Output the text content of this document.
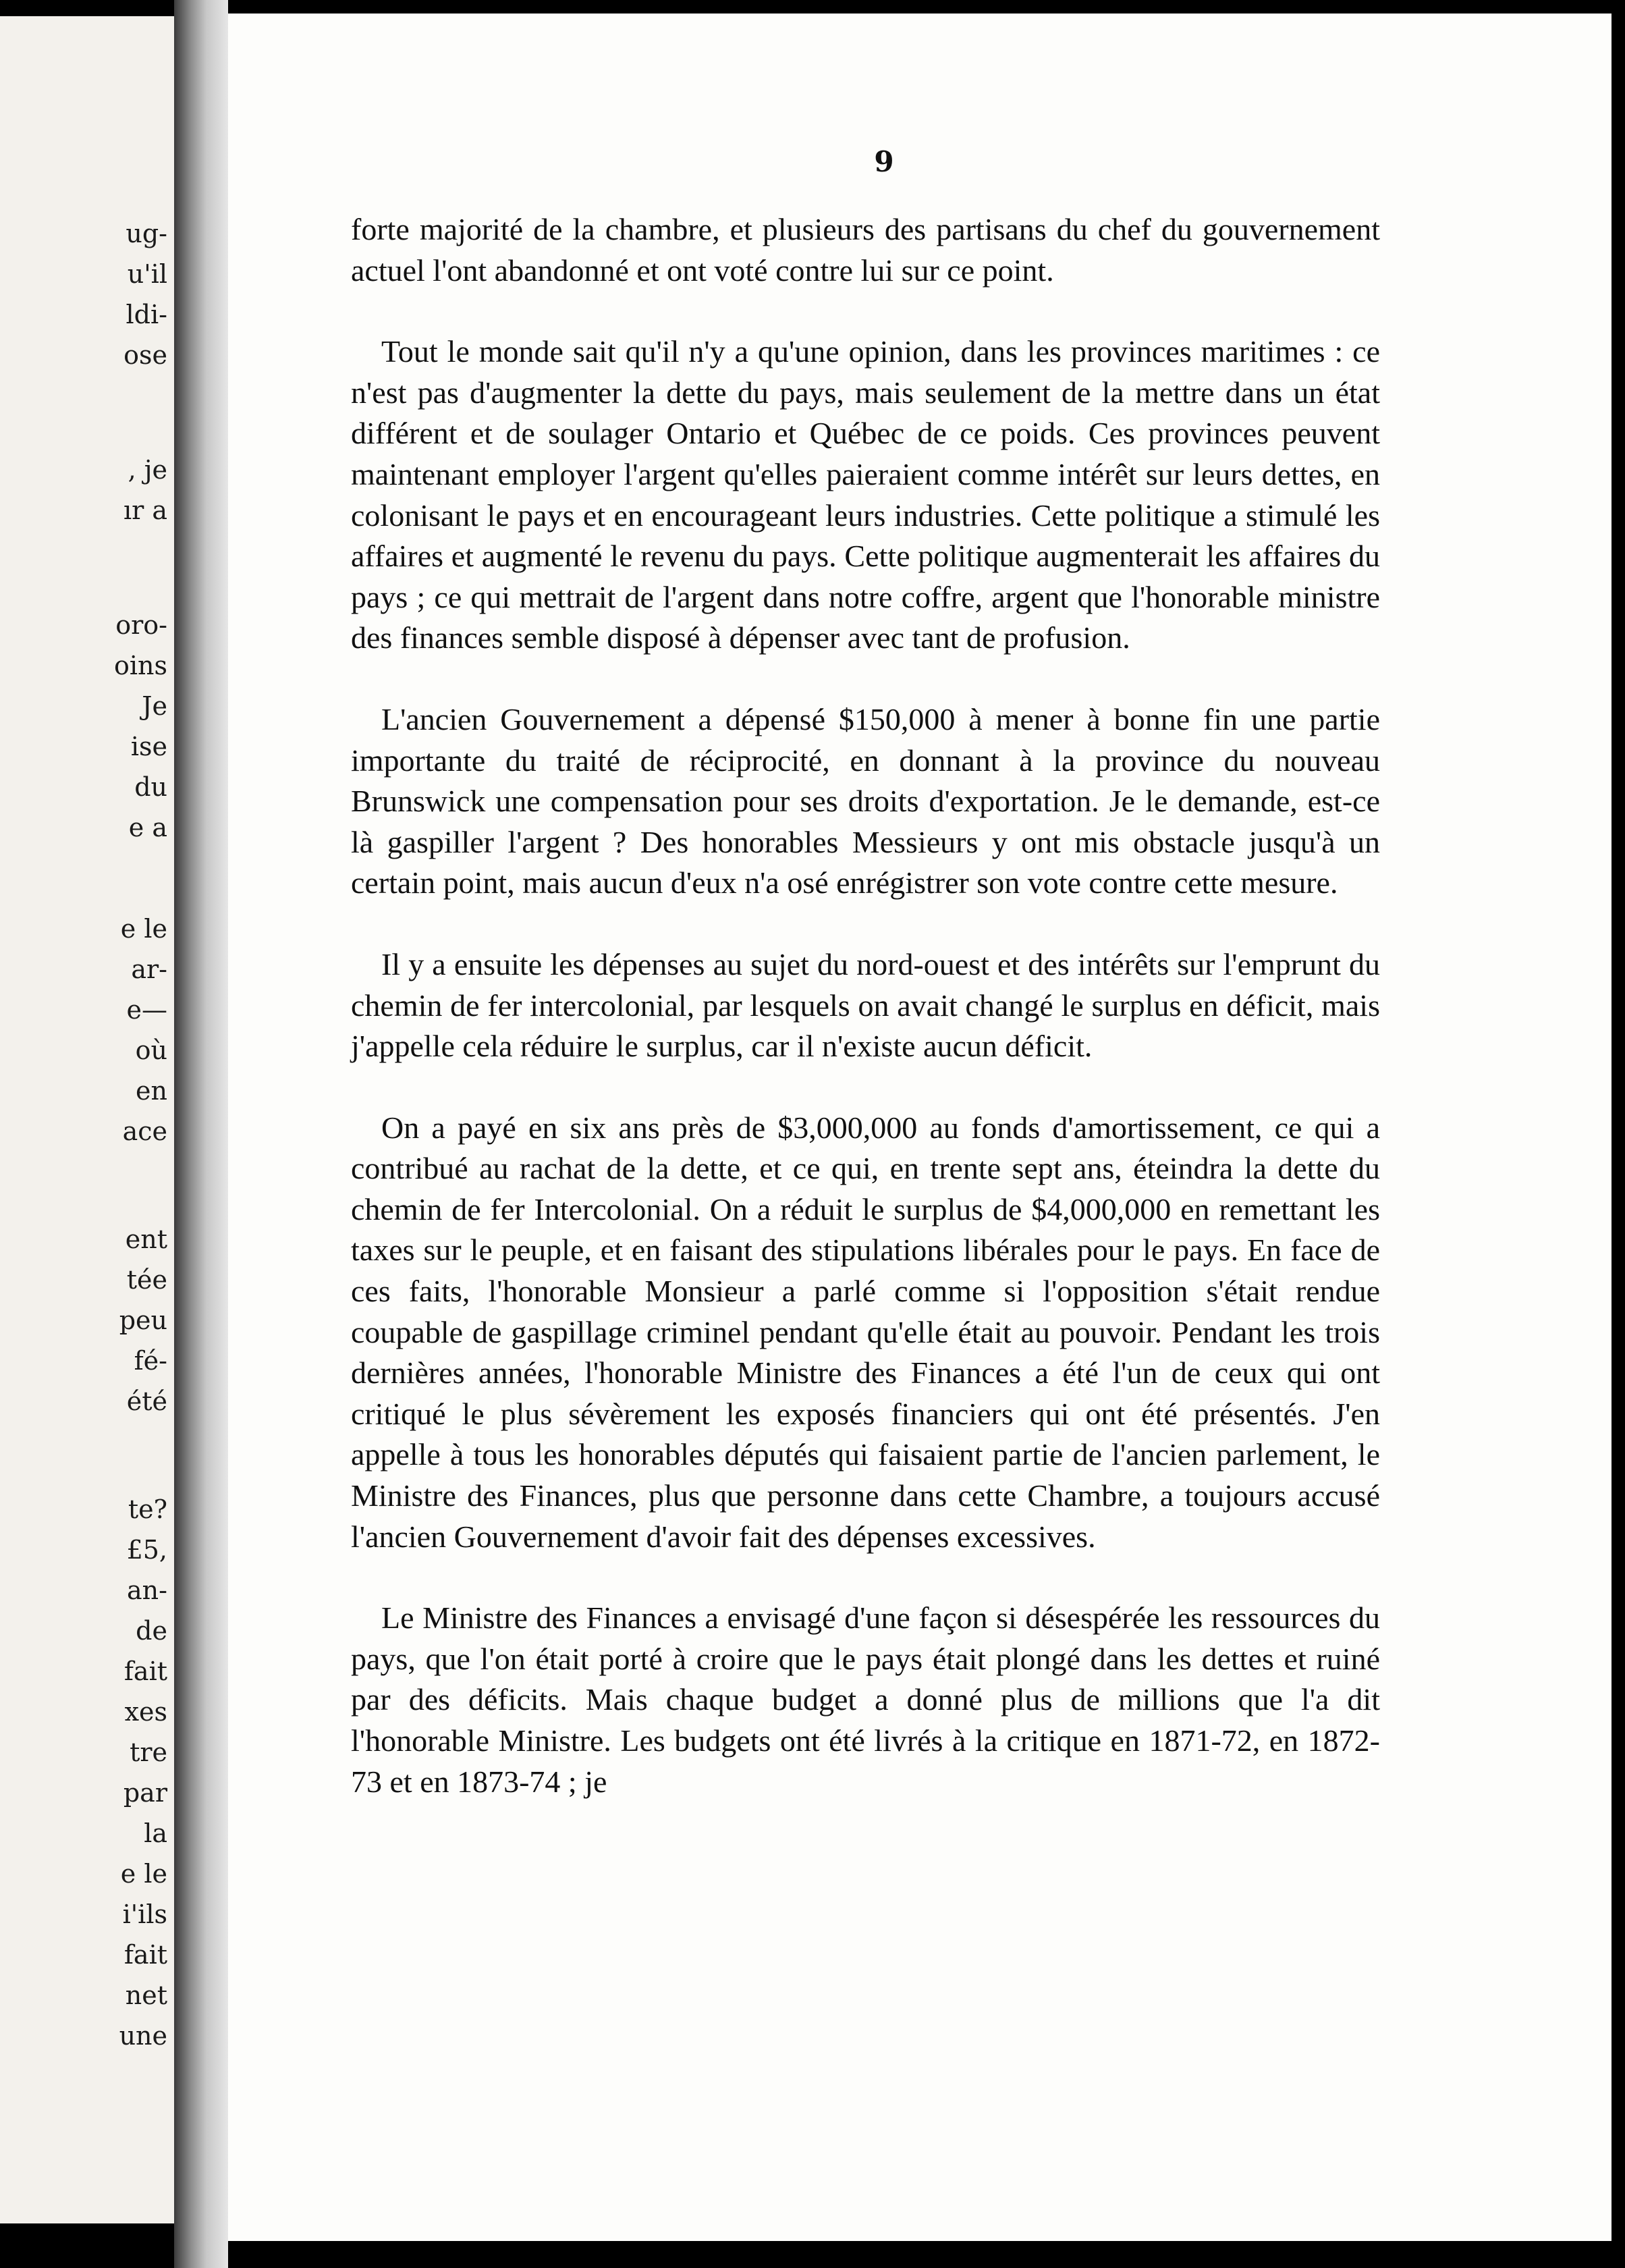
ug-
u'il
ldi-
ose
, je
ır a
oro-
oins
Je
ise
du
e a
e le
ar-
e—
où
en
ace
ent
tée
peu
fé-
été
te?
£5,
an-
de
fait
xes
tre
par
la
e le
i'ils
fait
net
une
9

forte majorité de la chambre, et plusieurs des partisans du chef du gouvernement actuel l'ont abandonné et ont voté contre lui sur ce point.

Tout le monde sait qu'il n'y a qu'une opinion, dans les provinces maritimes : ce n'est pas d'augmenter la dette du pays, mais seulement de la mettre dans un état différent et de soulager Ontario et Québec de ce poids. Ces provinces peuvent maintenant employer l'argent qu'elles paieraient comme intérêt sur leurs dettes, en colonisant le pays et en encourageant leurs industries. Cette politique a stimulé les affaires et augmenté le revenu du pays. Cette politique augmenterait les affaires du pays ; ce qui mettrait de l'argent dans notre coffre, argent que l'honorable ministre des finances semble disposé à dépenser avec tant de profusion.

L'ancien Gouvernement a dépensé $150,000 à mener à bonne fin une partie importante du traité de réciprocité, en donnant à la province du nouveau Brunswick une compensation pour ses droits d'exportation. Je le demande, est-ce là gaspiller l'argent ? Des honorables Messieurs y ont mis obstacle jusqu'à un certain point, mais aucun d'eux n'a osé enrégistrer son vote contre cette mesure.

Il y a ensuite les dépenses au sujet du nord-ouest et des intérêts sur l'emprunt du chemin de fer intercolonial, par lesquels on avait changé le surplus en déficit, mais j'appelle cela réduire le surplus, car il n'existe aucun déficit.

On a payé en six ans près de $3,000,000 au fonds d'amortissement, ce qui a contribué au rachat de la dette, et ce qui, en trente sept ans, éteindra la dette du chemin de fer Intercolonial. On a réduit le surplus de $4,000,000 en remettant les taxes sur le peuple, et en faisant des stipulations libérales pour le pays. En face de ces faits, l'honorable Monsieur a parlé comme si l'opposition s'était rendue coupable de gaspillage criminel pendant qu'elle était au pouvoir. Pendant les trois dernières années, l'honorable Ministre des Finances a été l'un de ceux qui ont critiqué le plus sévèrement les exposés financiers qui ont été présentés. J'en appelle à tous les honorables députés qui faisaient partie de l'ancien parlement, le Ministre des Finances, plus que personne dans cette Chambre, a toujours accusé l'ancien Gouvernement d'avoir fait des dépenses excessives.

Le Ministre des Finances a envisagé d'une façon si désespérée les ressources du pays, que l'on était porté à croire que le pays était plongé dans les dettes et ruiné par des déficits. Mais chaque budget a donné plus de millions que l'a dit l'honorable Ministre. Les budgets ont été livrés à la critique en 1871-72, en 1872-73 et en 1873-74 ; je
